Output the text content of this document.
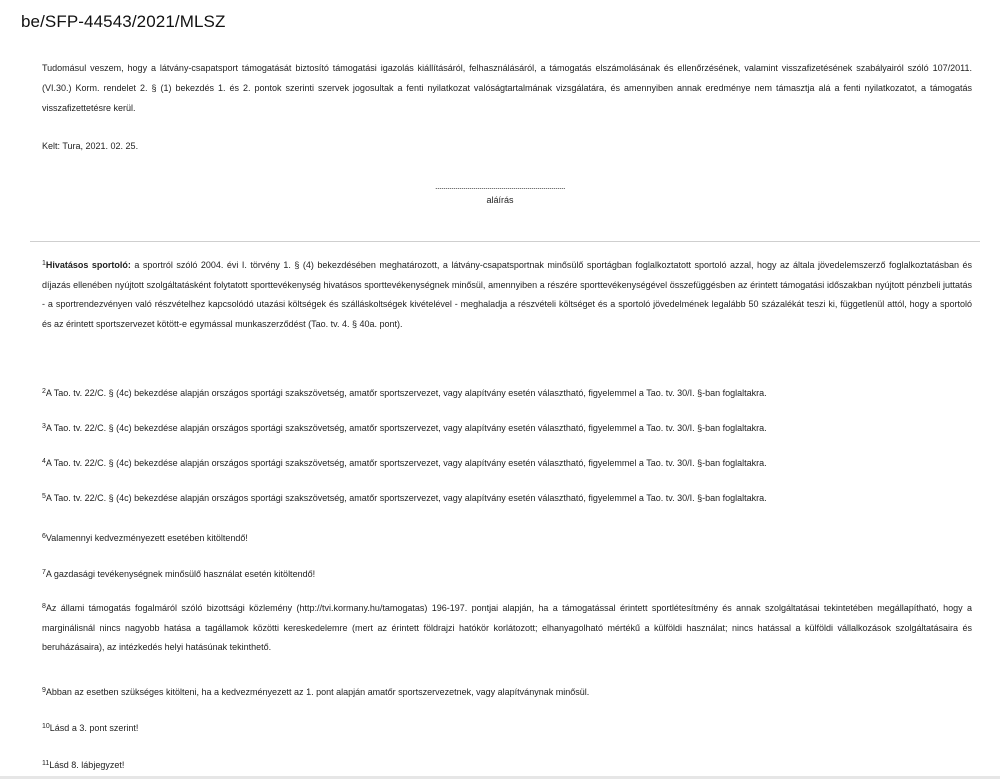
be/SFP-44543/2021/MLSZ
Tudomásul veszem, hogy a látvány-csapatsport támogatását biztosító támogatási igazolás kiállításáról, felhasználásáról, a támogatás elszámolásának és ellenőrzésének, valamint visszafizetésének szabályairól szóló 107/2011. (VI.30.) Korm. rendelet 2. § (1) bekezdés 1. és 2. pontok szerinti szervek jogosultak a fenti nyilatkozat valóságtartalmának vizsgálatára, és amennyiben annak eredménye nem támasztja alá a fenti nyilatkozatot, a támogatás visszafizettetésre kerül.
Kelt: Tura, 2021. 02. 25.
.................................................................
aláírás
$^1$Hivatásos sportoló: a sportról szóló 2004. évi I. törvény 1. § (4) bekezdésében meghatározott, a látvány-csapatsportnak minősülő sportágban foglalkoztatott sportoló azzal, hogy az általa jövedelemszerző foglalkoztatásban és díjazás ellenében nyújtott szolgáltatásként folytatott sporttevékenység hivatásos sporttevékenységnek minősül, amennyiben a részére sporttevékenységével összefüggésben az érintett támogatási időszakban nyújtott pénzbeli juttatás - a sportrendezvényen való részvételhez kapcsolódó utazási költségek és szálláskoltségek kivételével - meghaladja a részvételi költséget és a sportoló jövedelmének legalább 50 százalékát teszi ki, függetlenül attól, hogy a sportoló és az érintett sportszervezet kötött-e egymással munkaszerződést (Tao. tv. 4. § 40a. pont).
$^2$A Tao. tv. 22/C. § (4c) bekezdése alapján országos sportági szakszövetség, amatőr sportszervezet, vagy alapítvány esetén választható, figyelemmel a Tao. tv. 30/I. §-ban foglaltakra.
$^3$A Tao. tv. 22/C. § (4c) bekezdése alapján országos sportági szakszövetség, amatőr sportszervezet, vagy alapítvány esetén választható, figyelemmel a Tao. tv. 30/I. §-ban foglaltakra.
$^4$A Tao. tv. 22/C. § (4c) bekezdése alapján országos sportági szakszövetség, amatőr sportszervezet, vagy alapítvány esetén választható, figyelemmel a Tao. tv. 30/I. §-ban foglaltakra.
$^5$A Tao. tv. 22/C. § (4c) bekezdése alapján országos sportági szakszövetség, amatőr sportszervezet, vagy alapítvány esetén választható, figyelemmel a Tao. tv. 30/I. §-ban foglaltakra.
$^6$Valamennyi kedvezményezett esetében kitöltendő!
$^7$A gazdasági tevékenységnek minősülő használat esetén kitöltendő!
$^8$Az állami támogatás fogalmáról szóló bizottsági közlemény (http://tvi.kormany.hu/tamogatas) 196-197. pontjai alapján, ha a támogatással érintett sportlétesítmény és annak szolgáltatásai tekintetében megállapítható, hogy a marginálisnál nincs nagyobb hatása a tagállamok közötti kereskedelemre (mert az érintett földrajzi hatókör korlátozott; elhanyagolható mértékű a külföldi használat; nincs hatással a külföldi vállalkozások szolgáltatásaira és beruházásaira), az intézkedés helyi hatásúnak tekinthető.
$^9$Abban az esetben szükséges kitölteni, ha a kedvezményezett az 1. pont alapján amatőr sportszervezetnek, vagy alapítványnak minősül.
$^{10}$Lásd a 3. pont szerint!
$^{11}$Lásd 8. lábjegyzet!
